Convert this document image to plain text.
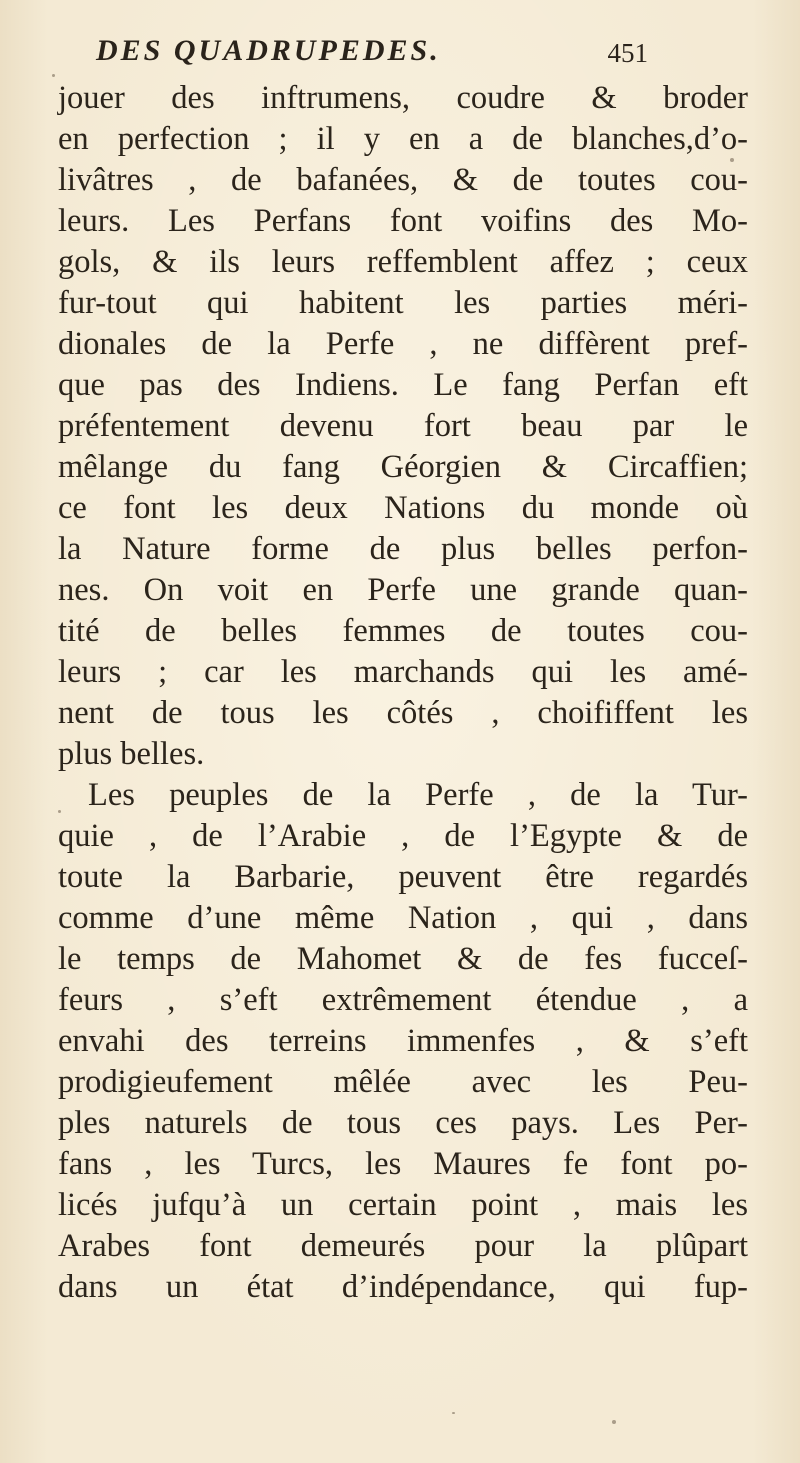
DES QUADRUPEDES.	451
jouer des inftrumens, coudre & broder
en perfection ; il y en a de blanches,d’o-
livâtres , de bafanées, & de toutes cou-
leurs. Les Perfans font voifins des Mo-
gols, & ils leurs reffemblent affez ; ceux
fur-tout qui habitent les parties méri-
dionales de la Perfe , ne diffèrent pref-
que pas des Indiens. Le fang Perfan eft
préfentement devenu fort beau par le
mêlange du fang Géorgien & Circaffien;
ce font les deux Nations du monde où
la Nature forme de plus belles perfon-
nes. On voit en Perfe une grande quan-
tité de belles femmes de toutes cou-
leurs ; car les marchands qui les amé-
nent de tous les côtés , choififfent les
plus belles.
Les peuples de la Perfe , de la Tur-
quie , de l’Arabie , de l’Egypte & de
toute la Barbarie, peuvent être regardés
comme d’une même Nation , qui , dans
le temps de Mahomet & de fes fucceſ-
feurs , s’eft extrêmement étendue , a
envahi des terreins immenfes , & s’eft
prodigieufement mêlée avec les Peu-
ples naturels de tous ces pays. Les Per-
fans , les Turcs, les Maures fe font po-
licés jufqu’à un certain point , mais les
Arabes font demeurés pour la plûpart
dans un état d’indépendance, qui fup-
